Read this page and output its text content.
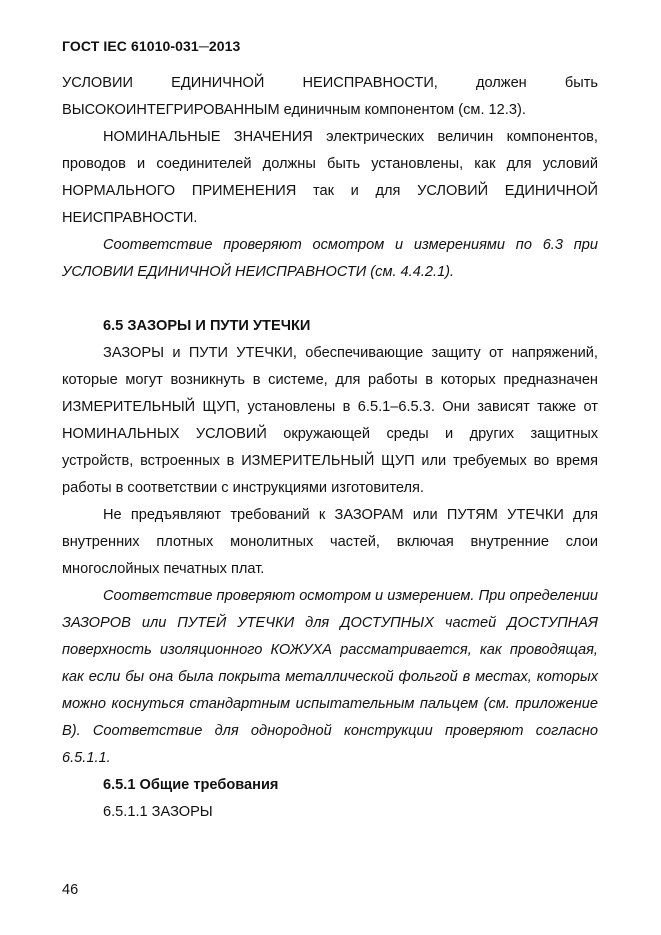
ГОСТ IEC 61010-031─2013

УСЛОВИИ ЕДИНИЧНОЙ НЕИСПРАВНОСТИ, должен быть ВЫСОКОИНТЕГРИРОВАННЫМ единичным компонентом (см. 12.3).

НОМИНАЛЬНЫЕ ЗНАЧЕНИЯ электрических величин компонентов, проводов и соединителей должны быть установлены, как для условий НОРМАЛЬНОГО ПРИМЕНЕНИЯ так и для УСЛОВИЙ ЕДИНИЧНОЙ НЕИСПРАВНОСТИ.

Соответствие проверяют осмотром и измерениями по 6.3 при УСЛОВИИ ЕДИНИЧНОЙ НЕИСПРАВНОСТИ (см. 4.4.2.1).

6.5 ЗАЗОРЫ И ПУТИ УТЕЧКИ

ЗАЗОРЫ и ПУТИ УТЕЧКИ, обеспечивающие защиту от напряжений, которые могут возникнуть в системе, для работы в которых предназначен ИЗМЕРИТЕЛЬНЫЙ ЩУП, установлены в 6.5.1–6.5.3. Они зависят также от НОМИНАЛЬНЫХ УСЛОВИЙ окружающей среды и других защитных устройств, встроенных в ИЗМЕРИТЕЛЬНЫЙ ЩУП или требуемых во время работы в соответствии с инструкциями изготовителя.

Не предъявляют требований к ЗАЗОРАМ или ПУТЯМ УТЕЧКИ для внутренних плотных монолитных частей, включая внутренние слои многослойных печатных плат.

Соответствие проверяют осмотром и измерением. При определении ЗАЗОРОВ или ПУТЕЙ УТЕЧКИ для ДОСТУПНЫХ частей ДОСТУПНАЯ поверхность изоляционного КОЖУХА рассматривается, как проводящая, как если бы она была покрыта металлической фольгой в местах, которых можно коснуться стандартным испытательным пальцем (см. приложение B). Соответствие для однородной конструкции проверяют согласно 6.5.1.1.

6.5.1 Общие требования

6.5.1.1 ЗАЗОРЫ

46
